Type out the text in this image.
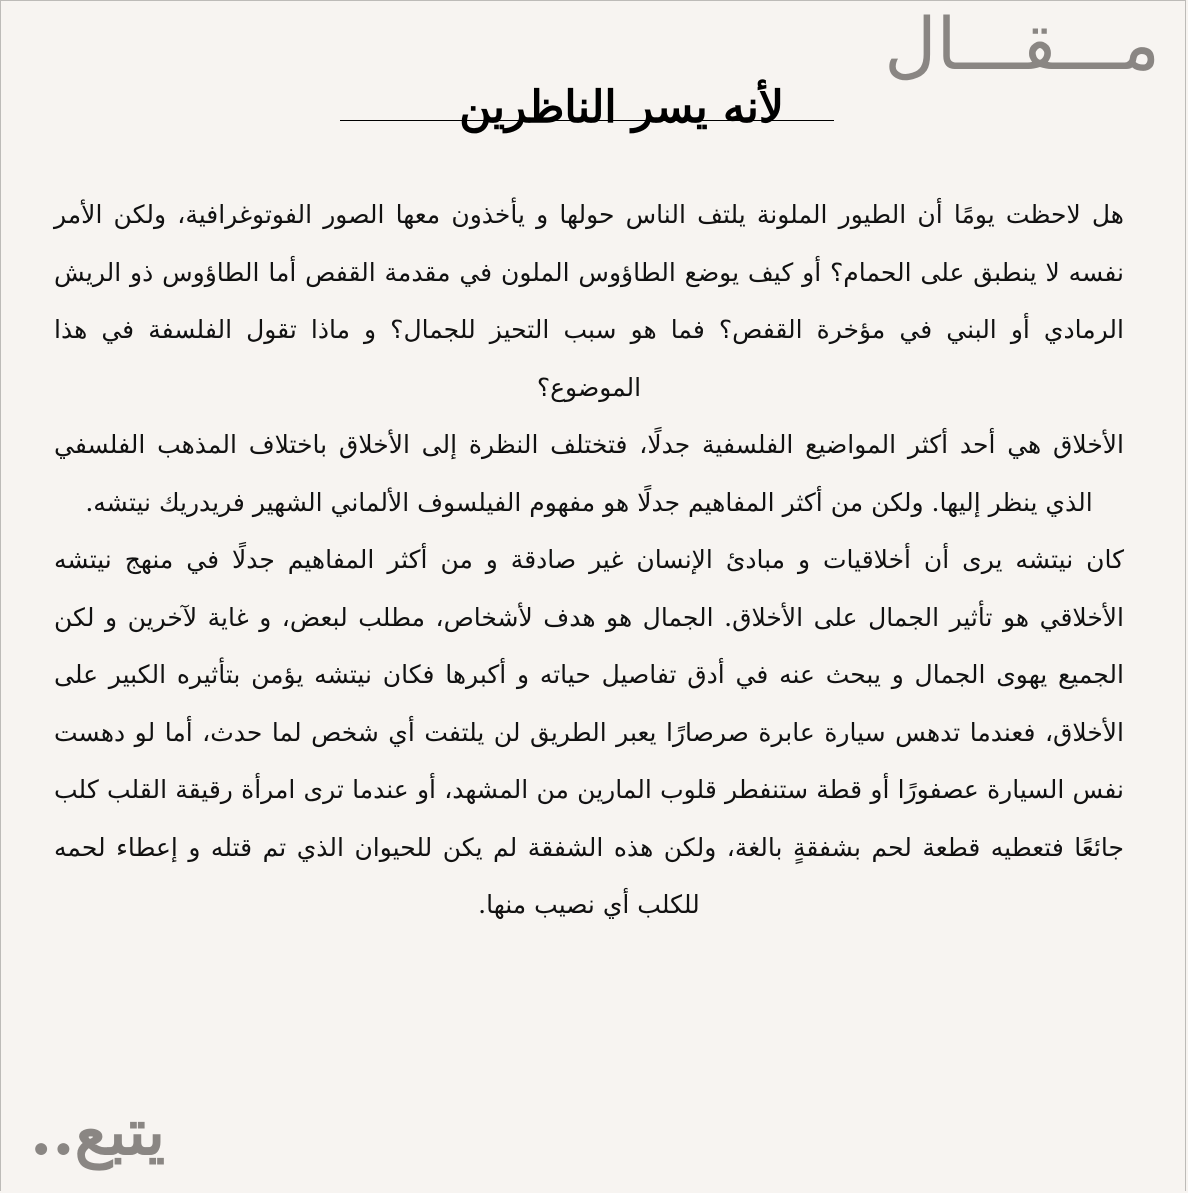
مـــقـــال
لأنه يسر الناظرين

هل لاحظت يومًا أن الطيور الملونة يلتف الناس حولها و يأخذون معها الصور الفوتوغرافية، ولكن الأمر نفسه لا ينطبق على الحمام؟ أو كيف يوضع الطاؤوس الملون في مقدمة القفص أما الطاؤوس ذو الريش الرمادي أو البني في مؤخرة القفص؟ فما هو سبب التحيز للجمال؟ و ماذا تقول الفلسفة في هذا الموضوع؟

الأخلاق هي أحد أكثر المواضيع الفلسفية جدلًا، فتختلف النظرة إلى الأخلاق باختلاف المذهب الفلسفي الذي ينظر إليها. ولكن من أكثر المفاهيم جدلًا هو مفهوم الفيلسوف الألماني الشهير فريدريك نيتشه.

كان نيتشه يرى أن أخلاقيات و مبادئ الإنسان غير صادقة و من أكثر المفاهيم جدلًا في منهج نيتشه الأخلاقي هو تأثير الجمال على الأخلاق. الجمال هو هدف لأشخاص، مطلب لبعض، و غاية لآخرين و لكن الجميع يهوى الجمال و يبحث عنه في أدق تفاصيل حياته و أكبرها فكان نيتشه يؤمن بتأثيره الكبير على الأخلاق، فعندما تدهس سيارة عابرة صرصارًا يعبر الطريق لن يلتفت أي شخص لما حدث، أما لو دهست نفس السيارة عصفورًا أو قطة ستنفطر قلوب المارين من المشهد، أو عندما ترى امرأة رقيقة القلب كلب جائعًا فتعطيه قطعة لحم بشفقةٍ بالغة، ولكن هذه الشفقة لم يكن للحيوان الذي تم قتله و إعطاء لحمه للكلب أي نصيب منها.

يتبع..
